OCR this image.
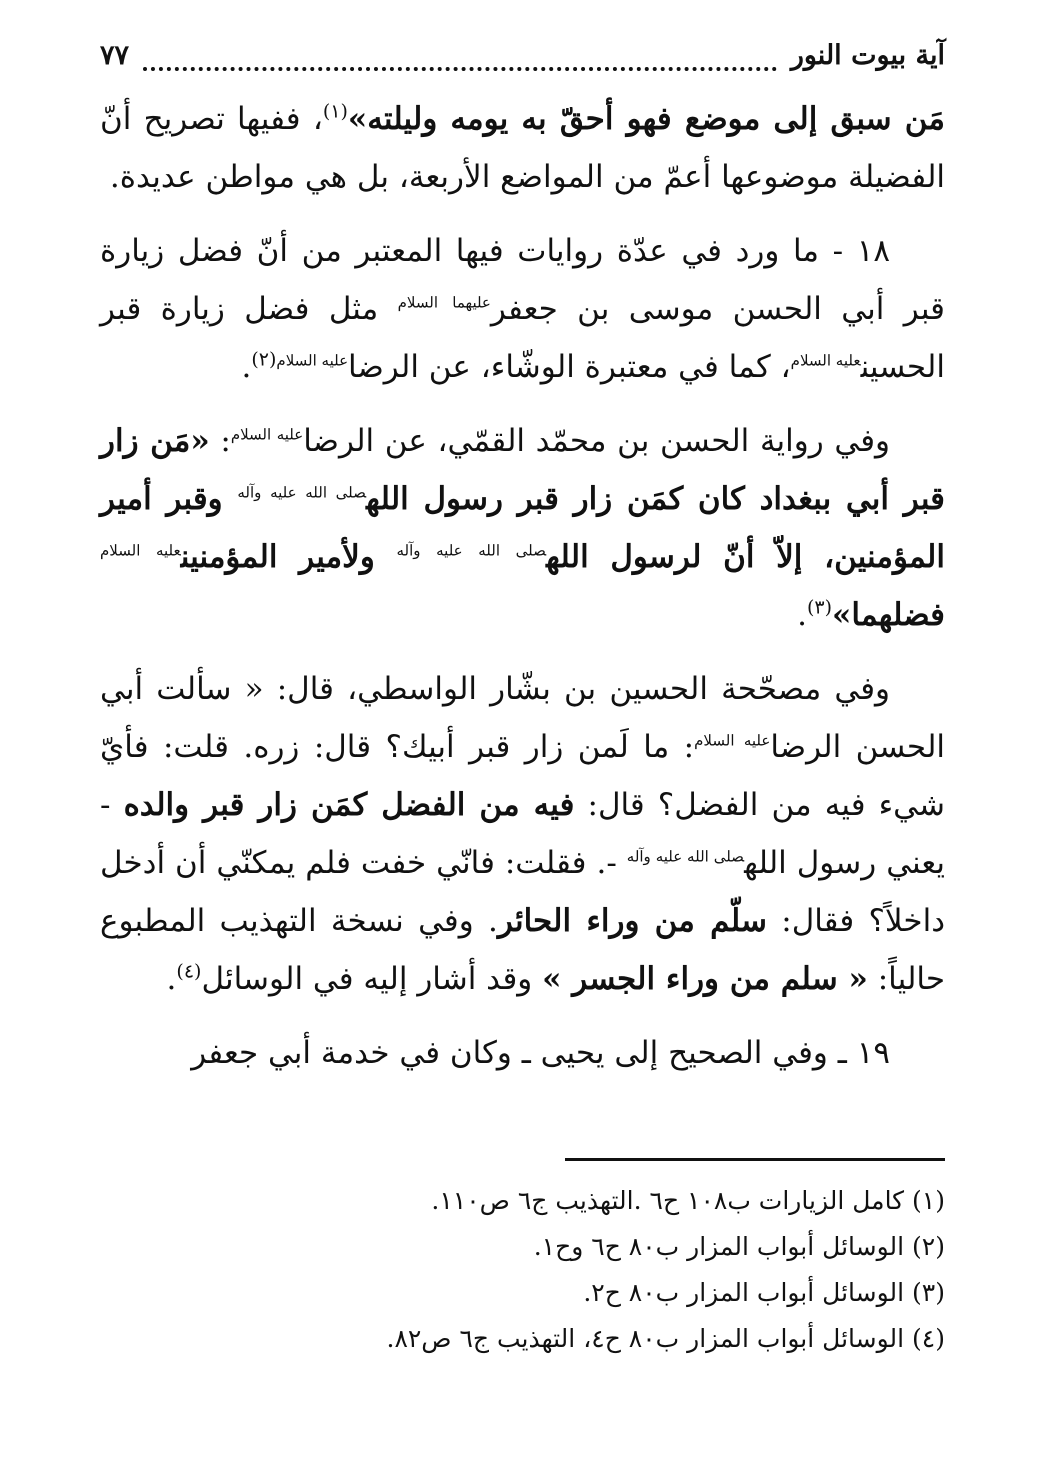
آية بيوت النور
٧٧

مَن سبق إلى موضع فهو أحقّ به يومه وليلته»$^{(١)}$، ففيها تصريح أنّ الفضيلة موضوعها أعمّ من المواضع الأربعة، بل هي مواطن عديدة.

١٨ - ما ورد في عدّة روايات فيها المعتبر من أنّ فضل زيارة قبر أبي الحسن موسى بن جعفر$^{عليهما السلام}$ مثل فضل زيارة قبر الحسين$^{عليه السلام}$، كما في معتبرة الوشّاء، عن الرضا$^{عليه السلام(٢)}$.

وفي رواية الحسن بن محمّد القمّي، عن الرضا$^{عليه السلام}$: «مَن زار قبر أبي ببغداد كان كمَن زار قبر رسول الله$^{صلى الله عليه وآله}$ وقبر أمير المؤمنين، إلاّ أنّ لرسول الله$^{صلى الله عليه وآله}$ ولأمير المؤمنين$^{عليه السلام}$ فضلهما»$^{(٣)}$.

وفي مصحّحة الحسين بن بشّار الواسطي، قال: « سألت أبي الحسن الرضا$^{عليه السلام}$: ما لَمن زار قبر أبيك؟ قال: زره. قلت: فأيّ شيء فيه من الفضل؟ قال: فيه من الفضل كمَن زار قبر والده - يعني رسول الله$^{صلى الله عليه وآله}$ -. فقلت: فانّي خفت فلم يمكنّي أن أدخل داخلاً؟ فقال: سلّم من وراء الحائر. وفي نسخة التهذيب المطبوع حالياً: « سلم من وراء الجسر » وقد أشار إليه في الوسائل$^{(٤)}$.

١٩ ـ وفي الصحيح إلى يحيى ـ وكان في خدمة أبي جعفر

(١) كامل الزيارات ب١٠٨ ح٦ .التهذيب ج٦ ص١١٠.

(٢) الوسائل أبواب المزار ب٨٠ ح٦ وح١.

(٣) الوسائل أبواب المزار ب٨٠ ح٢.

(٤) الوسائل أبواب المزار ب٨٠ ح٤، التهذيب ج٦ ص٨٢.
